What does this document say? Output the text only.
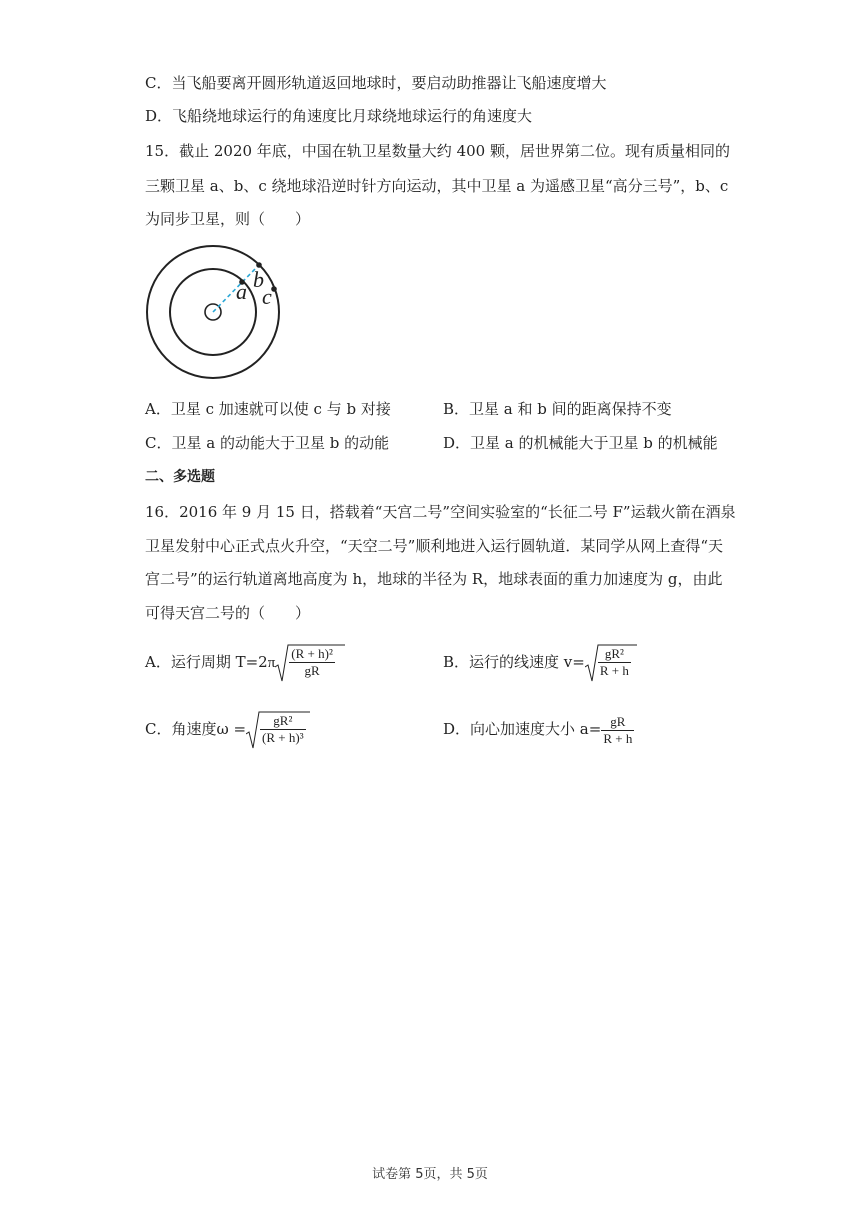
C．当飞船要离开圆形轨道返回地球时，要启动助推器让飞船速度增大
D．飞船绕地球运行的角速度比月球绕地球运行的角速度大
15．截止 2020 年底，中国在轨卫星数量大约 400 颗，居世界第二位。现有质量相同的
三颗卫星 a、b、c 绕地球沿逆时针方向运动，其中卫星 a 为遥感卫星“高分三号”，b、c
为同步卫星，则（　　）
a b
c
A．卫星 c 加速就可以使 c 与 b 对接	B．卫星 a 和 b 间的距离保持不变
C．卫星 a 的动能大于卫星 b 的动能	D．卫星 a 的机械能大于卫星 b 的机械能
二、多选题
16．2016 年 9 月 15 日，搭载着“天宫二号”空间实验室的“长征二号 F”运载火箭在酒泉
卫星发射中心正式点火升空，“天空二号”顺利地进入运行圆轨道．某同学从网上查得“天
宫二号”的运行轨道离地高度为 h，地球的半径为 R，地球表面的重力加速度为 g，由此
可得天宫二号的（　　）
A．运行周期 $T=2\pi \frac{\text{(R + h)²}}{gR}$	B．运行的线速度 $v= \frac{\text{gR²}}{R + h}$
C．角速度$\omega = \frac{\text{gR²}}{\text{(R + h)³}}$	D．向心加速度大小 $a= \frac{gR}{R + h}$
试卷第 5页，共 5页
